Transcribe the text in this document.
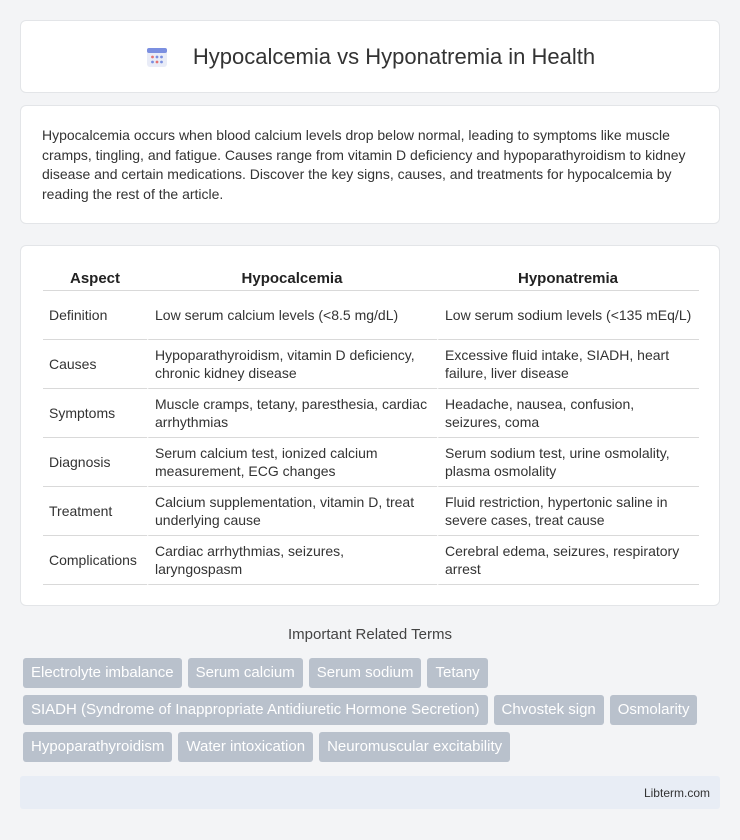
Hypocalcemia vs Hyponatremia in Health

Hypocalcemia occurs when blood calcium levels drop below normal, leading to symptoms like muscle cramps, tingling, and fatigue. Causes range from vitamin D deficiency and hypoparathyroidism to kidney disease and certain medications. Discover the key signs, causes, and treatments for hypocalcemia by reading the rest of the article.

Aspect	Hypocalcemia	Hyponatremia
Definition	Low serum calcium levels (<8.5 mg/dL)	Low serum sodium levels (<135 mEq/L)
Causes	Hypoparathyroidism, vitamin D deficiency, chronic kidney disease	Excessive fluid intake, SIADH, heart failure, liver disease
Symptoms	Muscle cramps, tetany, paresthesia, cardiac arrhythmias	Headache, nausea, confusion, seizures, coma
Diagnosis	Serum calcium test, ionized calcium measurement, ECG changes	Serum sodium test, urine osmolality, plasma osmolality
Treatment	Calcium supplementation, vitamin D, treat underlying cause	Fluid restriction, hypertonic saline in severe cases, treat cause
Complications	Cardiac arrhythmias, seizures, laryngospasm	Cerebral edema, seizures, respiratory arrest
Important Related Terms
Electrolyte imbalance	Serum calcium	Serum sodium	Tetany
SIADH (Syndrome of Inappropriate Antidiuretic Hormone Secretion)	Chvostek sign	Osmolarity
Hypoparathyroidism	Water intoxication	Neuromuscular excitability
Libterm.com
